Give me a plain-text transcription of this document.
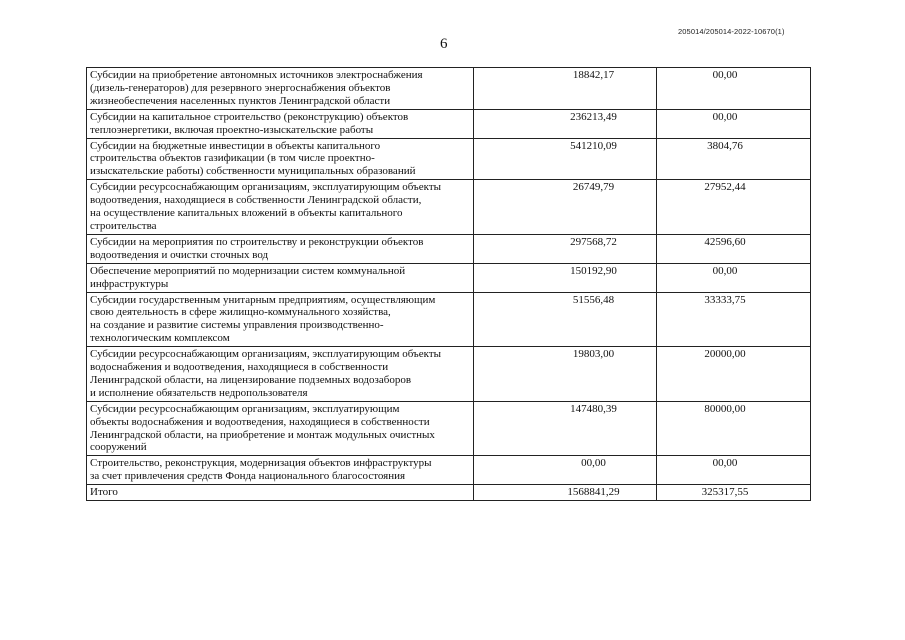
205014/205014-2022-10670(1)
6
Субсидии на приобретение автономных источников электроснабжения
(дизель-генераторов) для резервного энергоснабжения объектов
жизнеобеспечения населенных пунктов Ленинградской области	18842,17	00,00
Субсидии на капитальное строительство (реконструкцию) объектов
теплоэнергетики, включая проектно-изыскательские работы	236213,49	00,00
Субсидии на бюджетные инвестиции в объекты капитального
строительства объектов газификации (в том числе проектно-
изыскательские работы) собственности муниципальных образований	541210,09	3804,76
Субсидии ресурсоснабжающим организациям, эксплуатирующим объекты
водоотведения, находящиеся в собственности Ленинградской области,
на осуществление капитальных вложений в объекты капитального
строительства	26749,79	27952,44
Субсидии на мероприятия по строительству и реконструкции объектов
водоотведения и очистки сточных вод	297568,72	42596,60
Обеспечение мероприятий по модернизации систем коммунальной
инфраструктуры	150192,90	00,00
Субсидии государственным унитарным предприятиям, осуществляющим
свою деятельность в сфере жилищно-коммунального хозяйства,
на создание и развитие системы управления производственно-
технологическим комплексом	51556,48	33333,75
Субсидии ресурсоснабжающим организациям, эксплуатирующим объекты
водоснабжения и водоотведения, находящиеся в собственности
Ленинградской области, на лицензирование подземных водозаборов
и исполнение обязательств недропользователя	19803,00	20000,00
Субсидии ресурсоснабжающим организациям, эксплуатирующим
объекты водоснабжения и водоотведения, находящиеся в собственности
Ленинградской области, на приобретение и монтаж модульных очистных
сооружений	147480,39	80000,00
Строительство, реконструкция, модернизация объектов инфраструктуры
за счет привлечения средств Фонда национального благосостояния	00,00	00,00
Итого	1568841,29	325317,55
